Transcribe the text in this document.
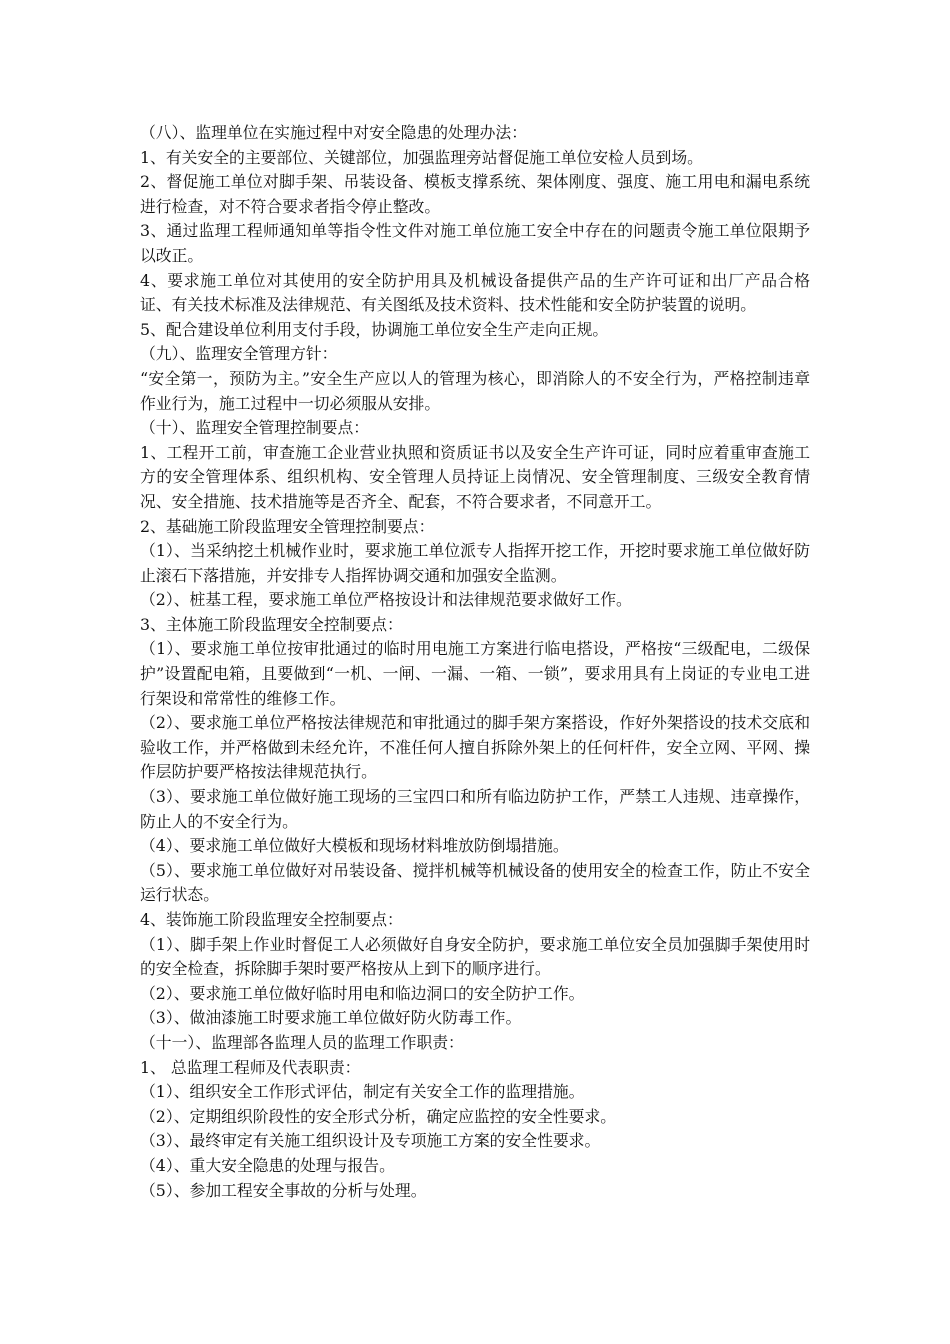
（八）、监理单位在实施过程中对安全隐患的处理办法：

1、有关安全的主要部位、关键部位，加强监理旁站督促施工单位安检人员到场。

2、督促施工单位对脚手架、吊装设备、模板支撑系统、架体刚度、强度、施工用电和漏电系统进行检查，对不符合要求者指令停止整改。

3、通过监理工程师通知单等指令性文件对施工单位施工安全中存在的问题责令施工单位限期予以改正。

4、要求施工单位对其使用的安全防护用具及机械设备提供产品的生产许可证和出厂产品合格证、有关技术标准及法律规范、有关图纸及技术资料、技术性能和安全防护装置的说明。

5、配合建设单位利用支付手段，协调施工单位安全生产走向正规。

（九）、监理安全管理方针：

“安全第一，预防为主。”安全生产应以人的管理为核心，即消除人的不安全行为，严格控制违章作业行为，施工过程中一切必须服从安排。

（十）、监理安全管理控制要点：

1、工程开工前，审查施工企业营业执照和资质证书以及安全生产许可证，同时应着重审查施工方的安全管理体系、组织机构、安全管理人员持证上岗情况、安全管理制度、三级安全教育情况、安全措施、技术措施等是否齐全、配套，不符合要求者，不同意开工。

2、基础施工阶段监理安全管理控制要点：

（1）、当采纳挖土机械作业时，要求施工单位派专人指挥开挖工作，开挖时要求施工单位做好防止滚石下落措施，并安排专人指挥协调交通和加强安全监测。

（2）、桩基工程，要求施工单位严格按设计和法律规范要求做好工作。

3、主体施工阶段监理安全控制要点：

（1）、要求施工单位按审批通过的临时用电施工方案进行临电搭设，严格按“三级配电，二级保护”设置配电箱，且要做到“一机、一闸、一漏、一箱、一锁”，要求用具有上岗证的专业电工进行架设和常常性的维修工作。

（2）、要求施工单位严格按法律规范和审批通过的脚手架方案搭设，作好外架搭设的技术交底和验收工作，并严格做到未经允许，不准任何人擅自拆除外架上的任何杆件，安全立网、平网、操作层防护要严格按法律规范执行。

（3）、要求施工单位做好施工现场的三宝四口和所有临边防护工作，严禁工人违规、违章操作，防止人的不安全行为。

（4）、要求施工单位做好大模板和现场材料堆放防倒塌措施。

（5）、要求施工单位做好对吊装设备、搅拌机械等机械设备的使用安全的检查工作，防止不安全运行状态。

4、装饰施工阶段监理安全控制要点：

（1）、脚手架上作业时督促工人必须做好自身安全防护，要求施工单位安全员加强脚手架使用时的安全检查，拆除脚手架时要严格按从上到下的顺序进行。

（2）、要求施工单位做好临时用电和临边洞口的安全防护工作。

（3）、做油漆施工时要求施工单位做好防火防毒工作。

（十一）、监理部各监理人员的监理工作职责：

1、 总监理工程师及代表职责：

（1）、组织安全工作形式评估，制定有关安全工作的监理措施。

（2）、定期组织阶段性的安全形式分析，确定应监控的安全性要求。

（3）、最终审定有关施工组织设计及专项施工方案的安全性要求。

（4）、重大安全隐患的处理与报告。

（5）、参加工程安全事故的分析与处理。
